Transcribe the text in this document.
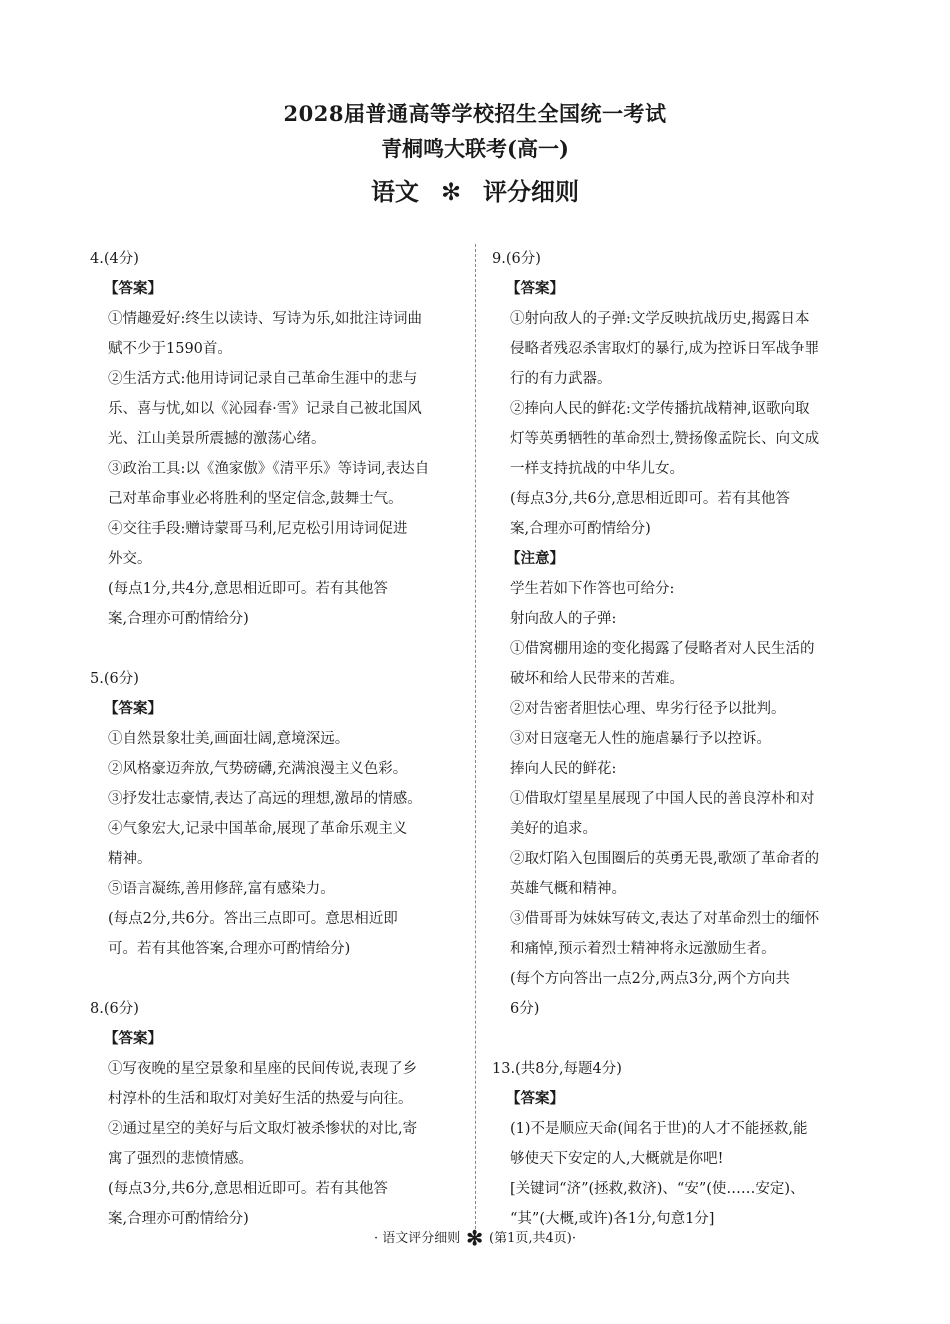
2028届普通高等学校招生全国统一考试
青桐鸣大联考(高一)
语文 ✻ 评分细则
4.(4分)
【答案】
①情趣爱好:终生以读诗、写诗为乐,如批注诗词曲
赋不少于1590首。
②生活方式:他用诗词记录自己革命生涯中的悲与
乐、喜与忧,如以《沁园春·雪》记录自己被北国风
光、江山美景所震撼的激荡心绪。
③政治工具:以《渔家傲》《清平乐》等诗词,表达自
己对革命事业必将胜利的坚定信念,鼓舞士气。
④交往手段:赠诗蒙哥马利,尼克松引用诗词促进
外交。
(每点1分,共4分,意思相近即可。若有其他答
案,合理亦可酌情给分)
5.(6分)
【答案】
①自然景象壮美,画面壮阔,意境深远。
②风格豪迈奔放,气势磅礴,充满浪漫主义色彩。
③抒发壮志豪情,表达了高远的理想,激昂的情感。
④气象宏大,记录中国革命,展现了革命乐观主义
精神。
⑤语言凝练,善用修辞,富有感染力。
(每点2分,共6分。答出三点即可。意思相近即
可。若有其他答案,合理亦可酌情给分)
8.(6分)
【答案】
①写夜晚的星空景象和星座的民间传说,表现了乡
村淳朴的生活和取灯对美好生活的热爱与向往。
②通过星空的美好与后文取灯被杀惨状的对比,寄
寓了强烈的悲愤情感。
(每点3分,共6分,意思相近即可。若有其他答
案,合理亦可酌情给分)
9.(6分)
【答案】
①射向敌人的子弹:文学反映抗战历史,揭露日本
侵略者残忍杀害取灯的暴行,成为控诉日军战争罪
行的有力武器。
②捧向人民的鲜花:文学传播抗战精神,讴歌向取
灯等英勇牺牲的革命烈士,赞扬像孟院长、向文成
一样支持抗战的中华儿女。
(每点3分,共6分,意思相近即可。若有其他答
案,合理亦可酌情给分)
【注意】
学生若如下作答也可给分:
射向敌人的子弹:
①借窝棚用途的变化揭露了侵略者对人民生活的
破坏和给人民带来的苦难。
②对告密者胆怯心理、卑劣行径予以批判。
③对日寇毫无人性的施虐暴行予以控诉。
捧向人民的鲜花:
①借取灯望星星展现了中国人民的善良淳朴和对
美好的追求。
②取灯陷入包围圈后的英勇无畏,歌颂了革命者的
英雄气概和精神。
③借哥哥为妹妹写砖文,表达了对革命烈士的缅怀
和痛悼,预示着烈士精神将永远激励生者。
(每个方向答出一点2分,两点3分,两个方向共
6分)
13.(共8分,每题4分)
【答案】
(1)不是顺应天命(闻名于世)的人才不能拯救,能
够使天下安定的人,大概就是你吧!
[关键词“济”(拯救,救济)、“安”(使……安定)、
“其”(大概,或许)各1分,句意1分]
· 语文评分细则 ✻ (第1页,共4页)·
